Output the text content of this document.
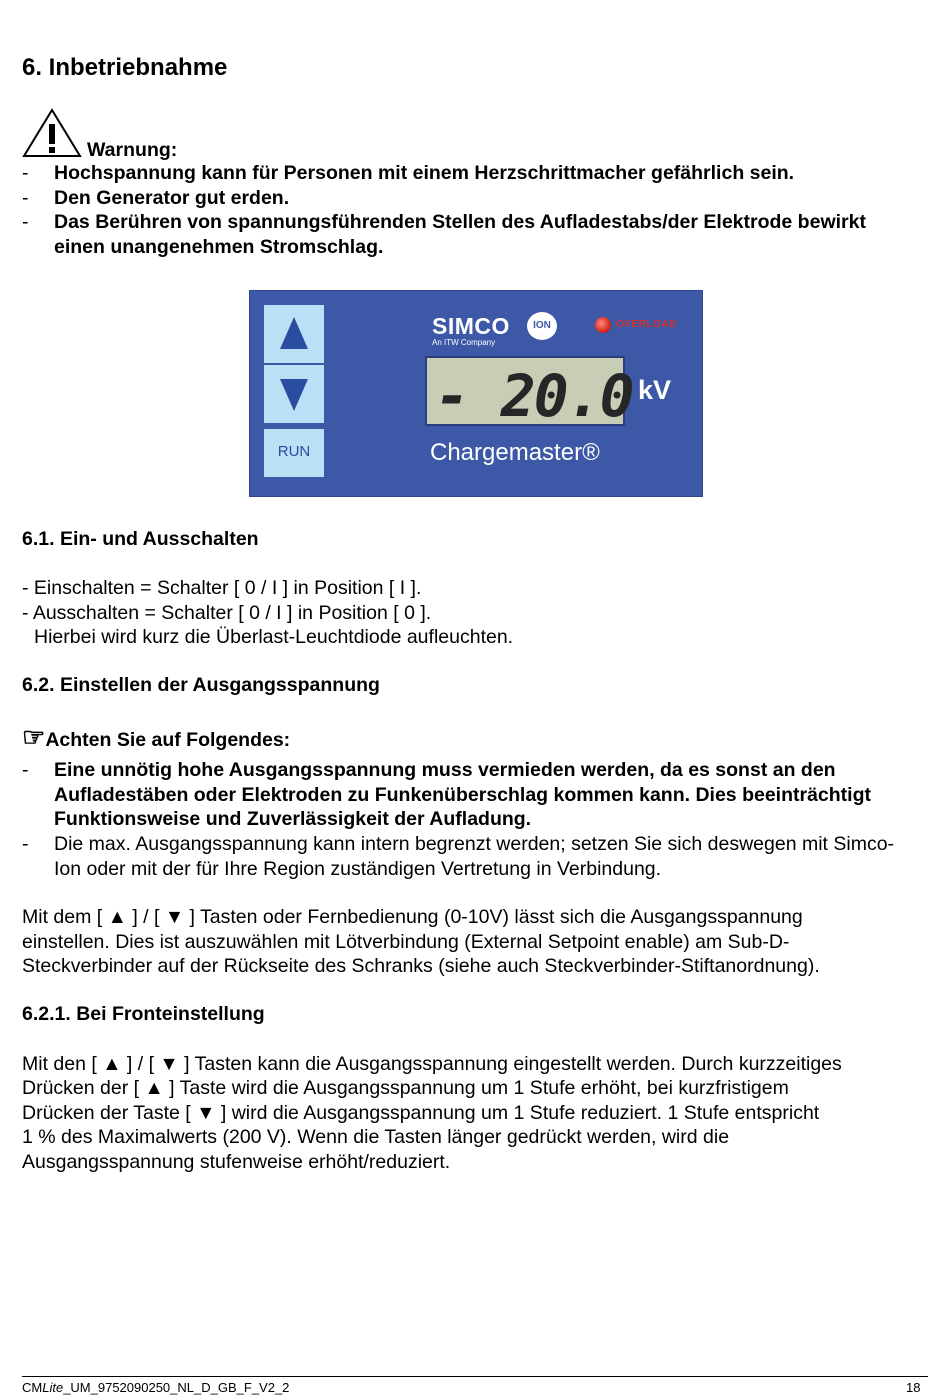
6. Inbetriebnahme
Warnung:
- Hochspannung kann für Personen mit einem Herzschrittmacher gefährlich sein.
- Den Generator gut erden.
- Das Berühren von spannungsführenden Stellen des Aufladestabs/der Elektrode bewirkt einen unangenehmen Stromschlag.
RUN
SIMCO	ION
An ITW Company
OVERLOAD
- 20.0 kV
Chargemaster®
6.1. Ein- und Ausschalten
- Einschalten = Schalter [ 0 / I ] in Position [ I ].
- Ausschalten = Schalter [ 0 / I ] in Position [ 0 ].
Hierbei wird kurz die Überlast-Leuchtdiode aufleuchten.
6.2. Einstellen der Ausgangsspannung
☞Achten Sie auf Folgendes:
- Eine unnötig hohe Ausgangsspannung muss vermieden werden, da es sonst an den Aufladestäben oder Elektroden zu Funkenüberschlag kommen kann. Dies beeinträchtigt Funktionsweise und Zuverlässigkeit der Aufladung.
- Die max. Ausgangsspannung kann intern begrenzt werden; setzen Sie sich deswegen mit Simco-Ion oder mit der für Ihre Region zuständigen Vertretung in Verbindung.
Mit dem [ ▲ ] / [ ▼ ] Tasten oder Fernbedienung (0-10V) lässt sich die Ausgangsspannung
einstellen. Dies ist auszuwählen mit Lötverbindung (External Setpoint enable) am Sub-D-
Steckverbinder auf der Rückseite des Schranks (siehe auch Steckverbinder-Stiftanordnung).
6.2.1. Bei Fronteinstellung
Mit den [ ▲ ] / [ ▼ ] Tasten kann die Ausgangsspannung eingestellt werden. Durch kurzzeitiges
Drücken der [ ▲ ] Taste wird die Ausgangsspannung um 1 Stufe erhöht, bei kurzfristigem
Drücken der Taste [ ▼ ] wird die Ausgangsspannung um 1 Stufe reduziert. 1 Stufe entspricht
1 % des Maximalwerts (200 V). Wenn die Tasten länger gedrückt werden, wird die
Ausgangsspannung stufenweise erhöht/reduziert.
CMLite_UM_9752090250_NL_D_GB_F_V2_2	18
